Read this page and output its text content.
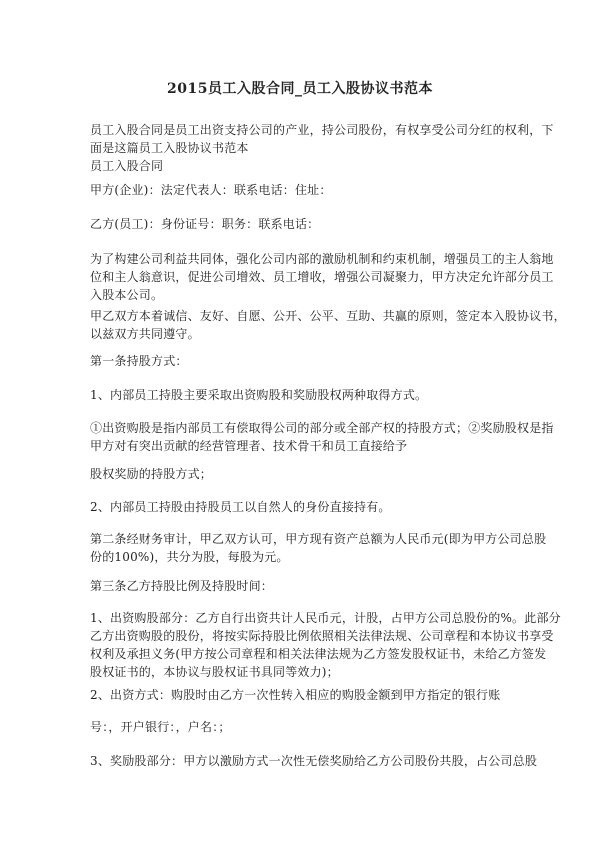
2015员工入股合同_员工入股协议书范本
员工入股合同是员工出资支持公司的产业，持公司股份，有权享受公司分红的权利，下
面是这篇员工入股协议书范本
员工入股合同
甲方(企业)：法定代表人：联系电话：住址：
乙方(员工)：身份证号：职务：联系电话：
为了构建公司利益共同体，强化公司内部的激励机制和约束机制，增强员工的主人翁地
位和主人翁意识，促进公司增效、员工增收，增强公司凝聚力，甲方决定允许部分员工
入股本公司。
甲乙双方本着诚信、友好、自愿、公开、公平、互助、共赢的原则，签定本入股协议书，
以兹双方共同遵守。
第一条持股方式：
1、内部员工持股主要采取出资购股和奖励股权两种取得方式。
①出资购股是指内部员工有偿取得公司的部分或全部产权的持股方式；②奖励股权是指
甲方对有突出贡献的经营管理者、技术骨干和员工直接给予
股权奖励的持股方式；
2、内部员工持股由持股员工以自然人的身份直接持有。
第二条经财务审计，甲乙双方认可，甲方现有资产总额为人民币元(即为甲方公司总股
份的100%)，共分为股，每股为元。
第三条乙方持股比例及持股时间：
1、出资购股部分：乙方自行出资共计人民币元，计股，占甲方公司总股份的%。此部分
乙方出资购股的股份，将按实际持股比例依照相关法律法规、公司章程和本协议书享受
权利及承担义务(甲方按公司章程和相关法律法规为乙方签发股权证书，未给乙方签发
股权证书的，本协议与股权证书具同等效力)；
2、出资方式：购股时由乙方一次性转入相应的购股金额到甲方指定的银行账
号：，开户银行：，户名：；
3、奖励股部分：甲方以激励方式一次性无偿奖励给乙方公司股份共股，占公司总股
